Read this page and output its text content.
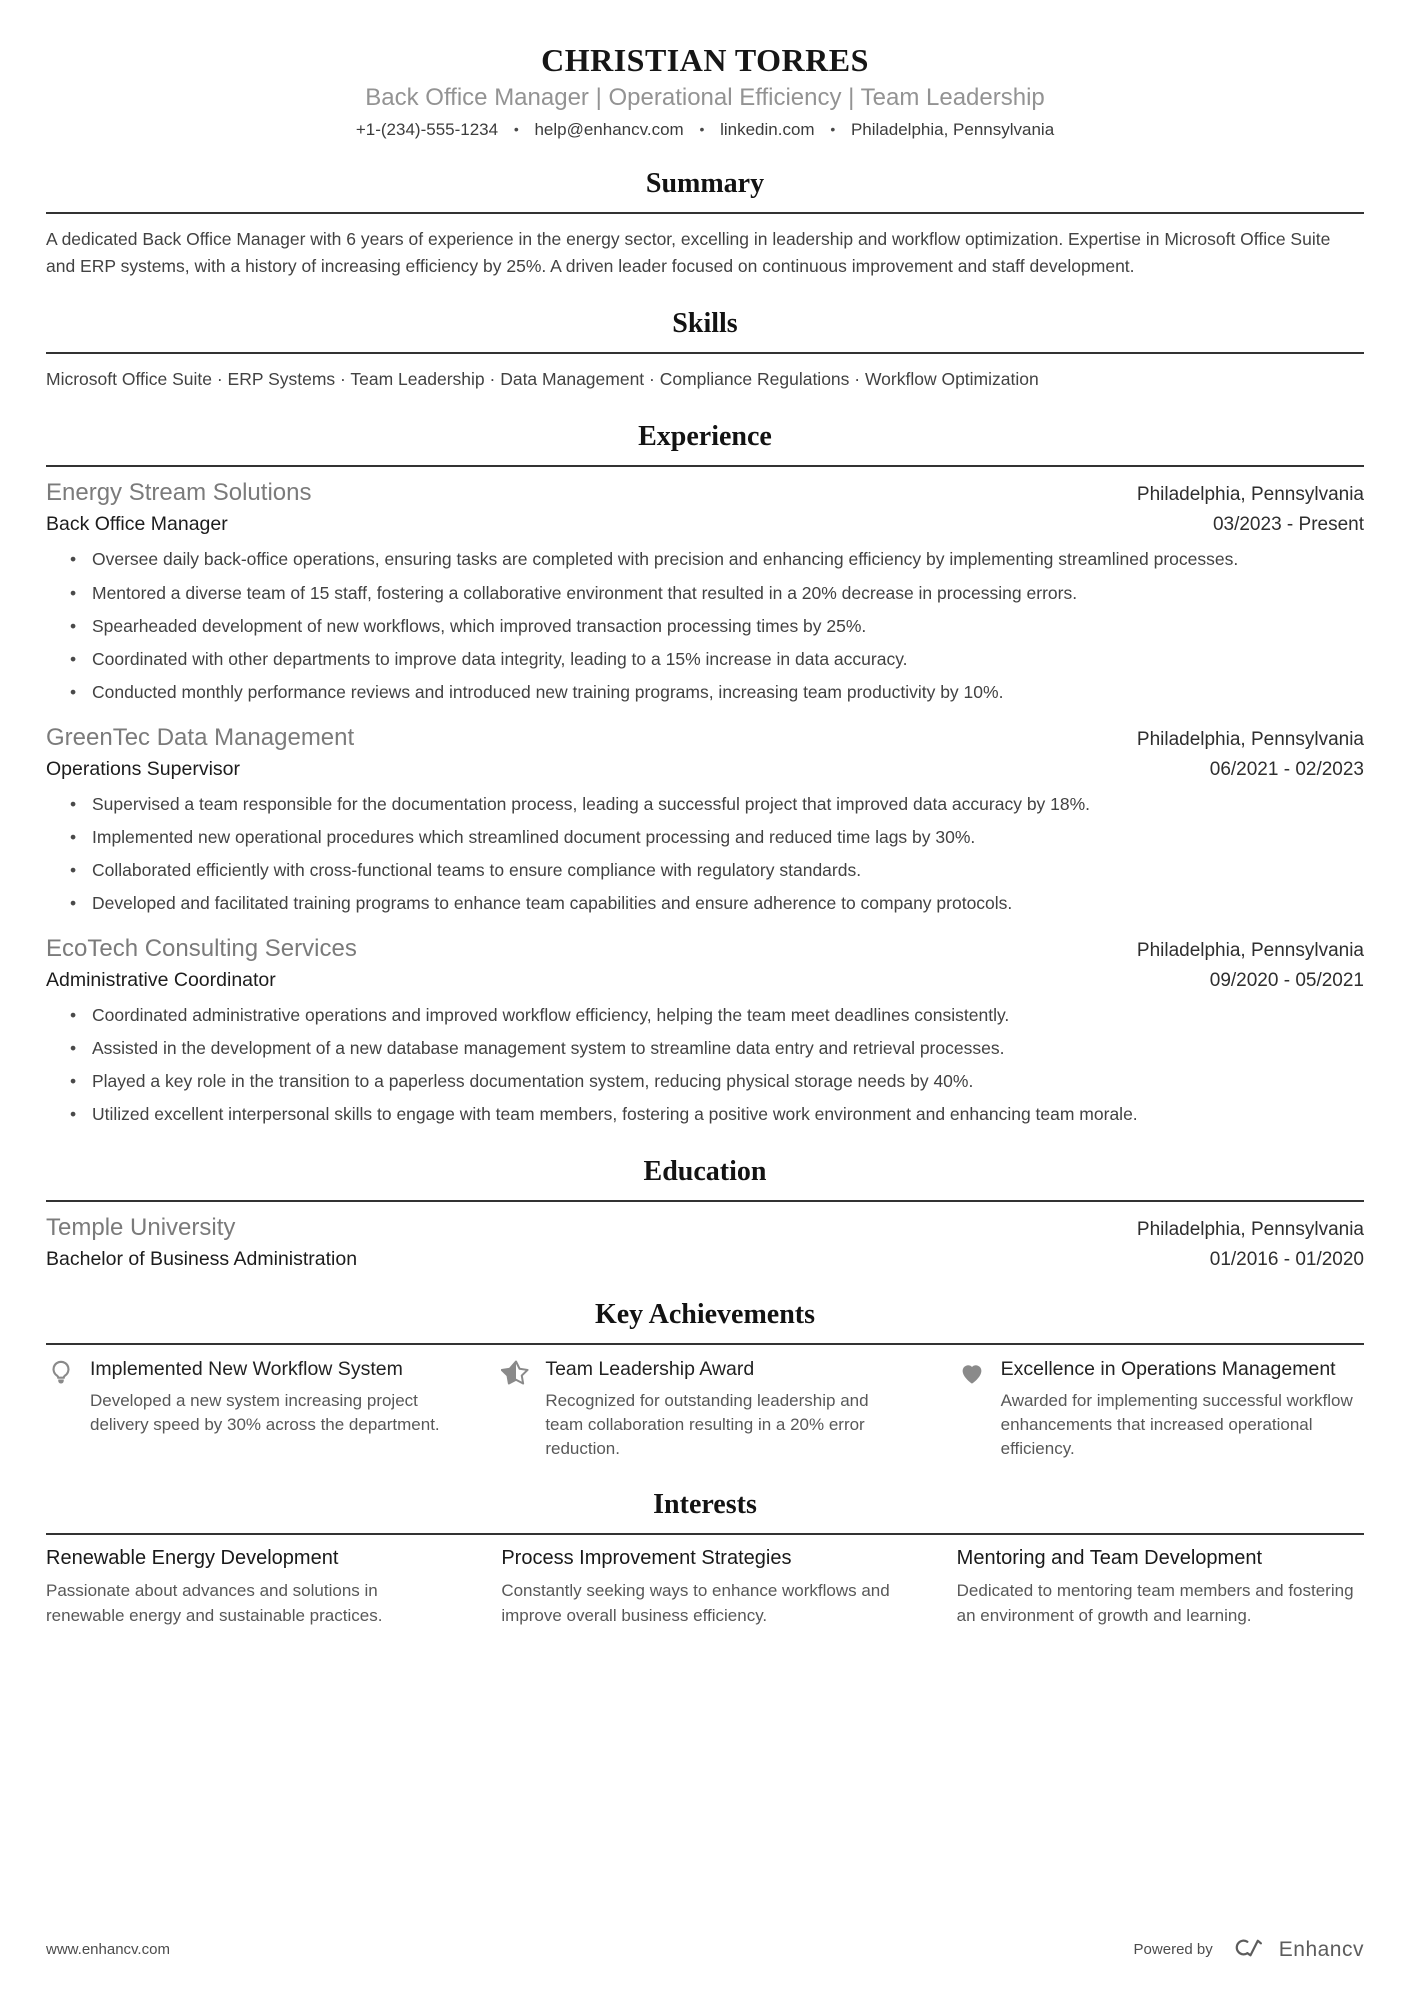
CHRISTIAN TORRES
Back Office Manager | Operational Efficiency | Team Leadership
+1-(234)-555-1234 • help@enhancv.com • linkedin.com • Philadelphia, Pennsylvania
Summary
A dedicated Back Office Manager with 6 years of experience in the energy sector, excelling in leadership and workflow optimization. Expertise in Microsoft Office Suite and ERP systems, with a history of increasing efficiency by 25%. A driven leader focused on continuous improvement and staff development.
Skills
Microsoft Office Suite · ERP Systems · Team Leadership · Data Management · Compliance Regulations · Workflow Optimization
Experience
Energy Stream Solutions	Philadelphia, Pennsylvania
Back Office Manager	03/2023 - Present
• Oversee daily back-office operations, ensuring tasks are completed with precision and enhancing efficiency by implementing streamlined processes.
• Mentored a diverse team of 15 staff, fostering a collaborative environment that resulted in a 20% decrease in processing errors.
• Spearheaded development of new workflows, which improved transaction processing times by 25%.
• Coordinated with other departments to improve data integrity, leading to a 15% increase in data accuracy.
• Conducted monthly performance reviews and introduced new training programs, increasing team productivity by 10%.
GreenTec Data Management	Philadelphia, Pennsylvania
Operations Supervisor	06/2021 - 02/2023
• Supervised a team responsible for the documentation process, leading a successful project that improved data accuracy by 18%.
• Implemented new operational procedures which streamlined document processing and reduced time lags by 30%.
• Collaborated efficiently with cross-functional teams to ensure compliance with regulatory standards.
• Developed and facilitated training programs to enhance team capabilities and ensure adherence to company protocols.
EcoTech Consulting Services	Philadelphia, Pennsylvania
Administrative Coordinator	09/2020 - 05/2021
• Coordinated administrative operations and improved workflow efficiency, helping the team meet deadlines consistently.
• Assisted in the development of a new database management system to streamline data entry and retrieval processes.
• Played a key role in the transition to a paperless documentation system, reducing physical storage needs by 40%.
• Utilized excellent interpersonal skills to engage with team members, fostering a positive work environment and enhancing team morale.
Education
Temple University	Philadelphia, Pennsylvania
Bachelor of Business Administration	01/2016 - 01/2020
Key Achievements
Implemented New Workflow System
Developed a new system increasing project delivery speed by 30% across the department.
Team Leadership Award
Recognized for outstanding leadership and team collaboration resulting in a 20% error reduction.
Excellence in Operations Management
Awarded for implementing successful workflow enhancements that increased operational efficiency.
Interests
Renewable Energy Development
Passionate about advances and solutions in renewable energy and sustainable practices.
Process Improvement Strategies
Constantly seeking ways to enhance workflows and improve overall business efficiency.
Mentoring and Team Development
Dedicated to mentoring team members and fostering an environment of growth and learning.
www.enhancv.com	Powered by	Enhancv
